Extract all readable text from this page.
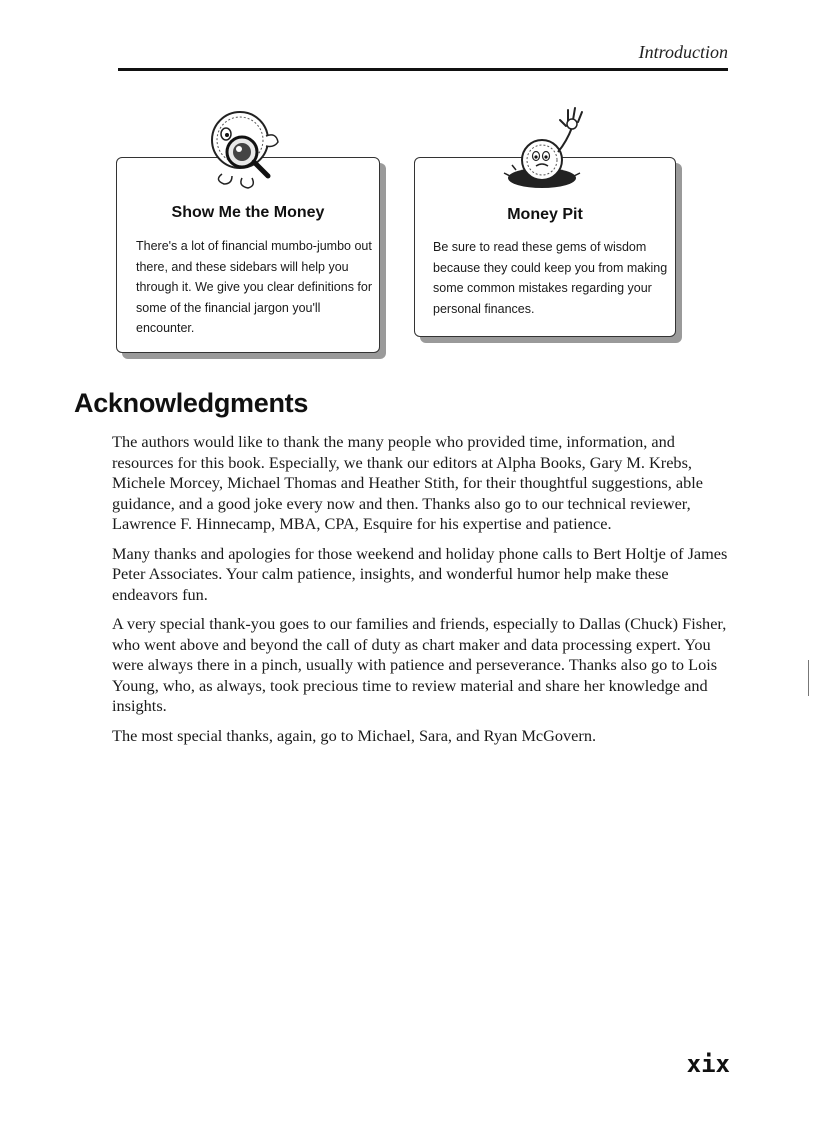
Introduction
Show Me the Money

There's a lot of financial mumbo-jumbo out there, and these sidebars will help you through it. We give you clear definitions for some of the financial jargon you'll encounter.

Money Pit

Be sure to read these gems of wisdom because they could keep you from making some common mistakes regarding your personal finances.

Acknowledgments

The authors would like to thank the many people who provided time, information, and resources for this book. Especially, we thank our editors at Alpha Books, Gary M. Krebs, Michele Morcey, Michael Thomas and Heather Stith, for their thoughtful suggestions, able guidance, and a good joke every now and then. Thanks also go to our technical reviewer, Lawrence F. Hinnecamp, MBA, CPA, Esquire for his expertise and patience.

Many thanks and apologies for those weekend and holiday phone calls to Bert Holtje of James Peter Associates. Your calm patience, insights, and wonderful humor help make these endeavors fun.

A very special thank-you goes to our families and friends, especially to Dallas (Chuck) Fisher, who went above and beyond the call of duty as chart maker and data processing expert. You were always there in a pinch, usually with patience and perseverance. Thanks also go to Lois Young, who, as always, took precious time to review material and share her knowledge and insights.

The most special thanks, again, go to Michael, Sara, and Ryan McGovern.

xix
